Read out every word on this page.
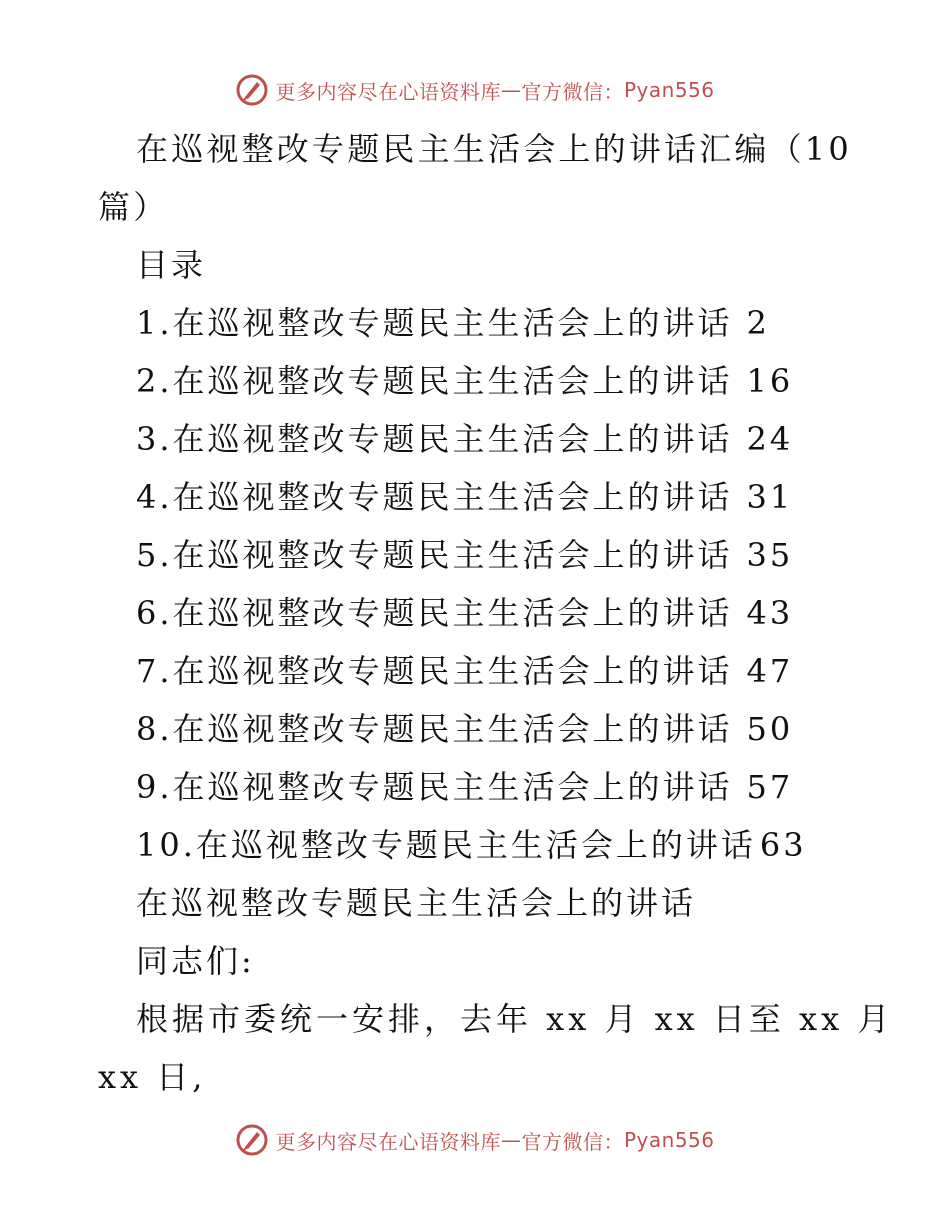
更多内容尽在心语资料库 — 官方微信： Pyan556
在巡视整改专题民主生活会上的讲话汇编（10
篇）
目录
1.在巡视整改专题民主生活会上的讲话 2
2.在巡视整改专题民主生活会上的讲话 16
3.在巡视整改专题民主生活会上的讲话 24
4.在巡视整改专题民主生活会上的讲话 31
5.在巡视整改专题民主生活会上的讲话 35
6.在巡视整改专题民主生活会上的讲话 43
7.在巡视整改专题民主生活会上的讲话 47
8.在巡视整改专题民主生活会上的讲话 50
9.在巡视整改专题民主生活会上的讲话 57
10.在巡视整改专题民主生活会上的讲话 63
在巡视整改专题民主生活会上的讲话
同志们:
根据市委统一安排，去年 xx 月 xx 日至 xx 月
xx 日,
更多内容尽在心语资料库 — 官方微信： Pyan556
